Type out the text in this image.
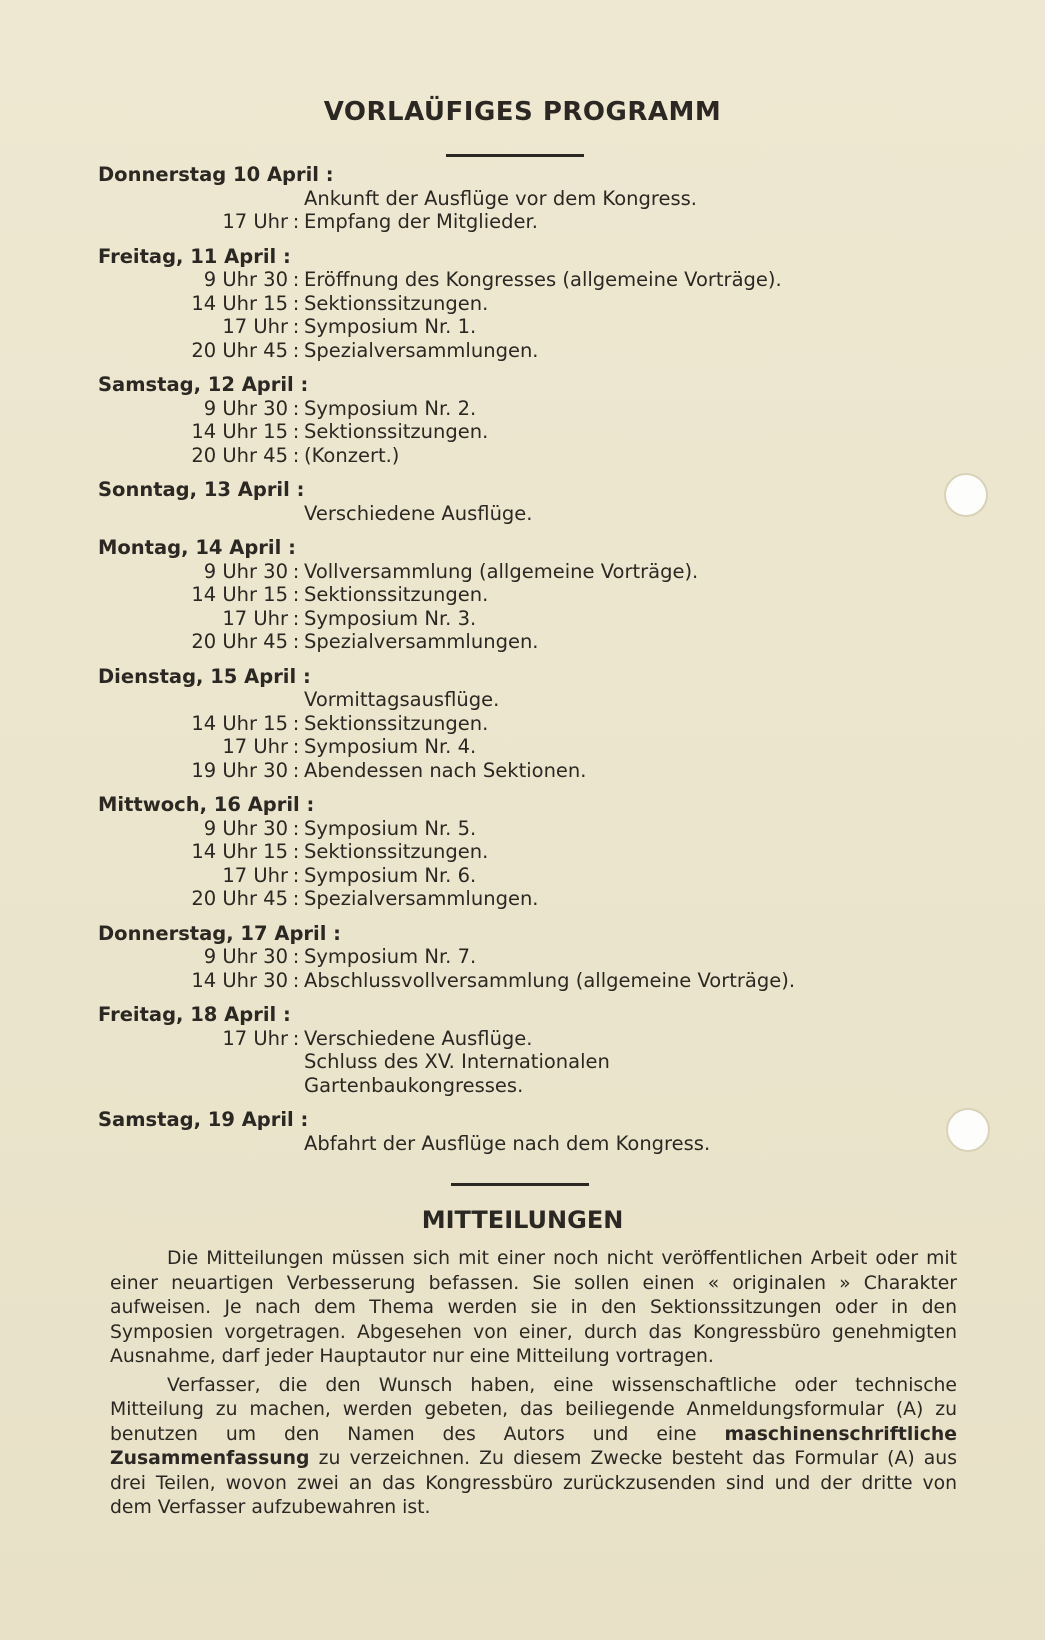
VORLAÜFIGES PROGRAMM
Donnerstag 10 April :
Ankunft der Ausflüge vor dem Kongress.
17 Uhr : Empfang der Mitglieder.
Freitag, 11 April :
9 Uhr 30 : Eröffnung des Kongresses (allgemeine Vorträge).
14 Uhr 15 : Sektionssitzungen.
17 Uhr : Symposium Nr. 1.
20 Uhr 45 : Spezialversammlungen.
Samstag, 12 April :
9 Uhr 30 : Symposium Nr. 2.
14 Uhr 15 : Sektionssitzungen.
20 Uhr 45 : (Konzert.)
Sonntag, 13 April :
Verschiedene Ausflüge.
Montag, 14 April :
9 Uhr 30 : Vollversammlung (allgemeine Vorträge).
14 Uhr 15 : Sektionssitzungen.
17 Uhr : Symposium Nr. 3.
20 Uhr 45 : Spezialversammlungen.
Dienstag, 15 April :
Vormittagsausflüge.
14 Uhr 15 : Sektionssitzungen.
17 Uhr : Symposium Nr. 4.
19 Uhr 30 : Abendessen nach Sektionen.
Mittwoch, 16 April :
9 Uhr 30 : Symposium Nr. 5.
14 Uhr 15 : Sektionssitzungen.
17 Uhr : Symposium Nr. 6.
20 Uhr 45 : Spezialversammlungen.
Donnerstag, 17 April :
9 Uhr 30 : Symposium Nr. 7.
14 Uhr 30 : Abschlussvollversammlung (allgemeine Vorträge).
Freitag, 18 April :
17 Uhr : Verschiedene Ausflüge.
Schluss des XV. Internationalen
Gartenbaukongresses.
Samstag, 19 April :
Abfahrt der Ausflüge nach dem Kongress.
MITTEILUNGEN

Die Mitteilungen müssen sich mit einer noch nicht veröffentlichen Arbeit oder mit einer neuartigen Verbesserung befassen. Sie sollen einen « originalen » Charakter aufweisen. Je nach dem Thema werden sie in den Sektionssitzungen oder in den Symposien vorgetragen. Abgesehen von einer, durch das Kongressbüro genehmigten Ausnahme, darf jeder Hauptautor nur eine Mitteilung vortragen.

Verfasser, die den Wunsch haben, eine wissenschaftliche oder technische Mitteilung zu machen, werden gebeten, das beiliegende Anmeldungsformular (A) zu benutzen um den Namen des Autors und eine maschinenschriftliche Zusammenfassung zu verzeichnen. Zu diesem Zwecke besteht das Formular (A) aus drei Teilen, wovon zwei an das Kongressbüro zurückzusenden sind und der dritte von dem Verfasser aufzubewahren ist.
